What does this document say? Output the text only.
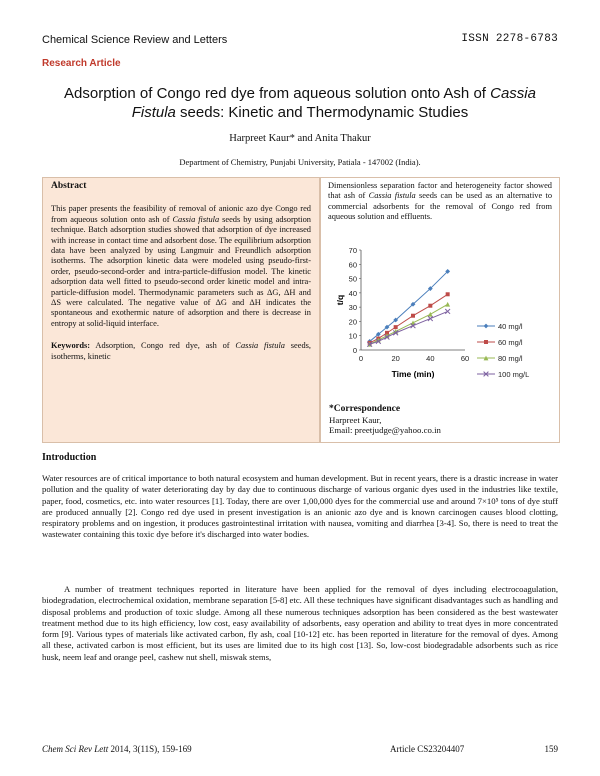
Chemical Science Review and Letters	ISSN 2278-6783
Research Article
Adsorption of Congo red dye from aqueous solution onto Ash of Cassia
Fistula seeds: Kinetic and Thermodynamic Studies
Harpreet Kaur* and Anita Thakur
Department of Chemistry, Punjabi University, Patiala - 147002 (India).
Abstract
This paper presents the feasibility of removal of anionic azo dye Congo red from aqueous solution onto ash of Cassia fistula seeds by using adsorption technique. Batch adsorption studies showed that adsorption of dye increased with increase in contact time and adsorbent dose. The equilibrium adsorption data have been analyzed by using Langmuir and Freundlich adsorption isotherms. The adsorption kinetic data were modeled using pseudo-first-order, pseudo-second-order and intra-particle-diffusion model. The kinetic adsorption data well fitted to pseudo-second order kinetic model and intra-particle-diffusion model. Thermodynamic parameters such as ΔG, ΔH and ΔS were calculated. The negative value of ΔG and ΔH indicates the spontaneous and exothermic nature of adsorption and there is decrease in entropy at solid-liquid interface.
Keywords: Adsorption, Congo red dye, ash of Cassia fistula seeds, isotherms, kinetic
Dimensionless separation factor and heterogeneity factor showed that ash of Cassia fistula seeds can be used as an alternative to commercial adsorbents for the removal of Congo red from aqueous solution and effluents.
0
10
20
30
40
50
60
70
0	20	40	60
t/q
Time (min)
40 mg/l
60 mg/l
80 mg/l
100 mg/L
*Correspondence
Harpreet Kaur,
Email: preetjudge@yahoo.co.in
Introduction
Water resources are of critical importance to both natural ecosystem and human development. But in recent years, there is a drastic increase in water pollution and the quality of water deteriorating day by day due to continuous discharge of various organic dyes used in the industries like textile, paper, food, cosmetics, etc. into water resources [1]. Today, there are over 1,00,000 dyes for the commercial use and around 7×10⁵ tons of dye stuff are produced annually [2]. Congo red dye used in present investigation is an anionic azo dye and is known carcinogen causes blood clotting, respiratory problems and on ingestion, it produces gastrointestinal irritation with nausea, vomiting and diarrhea [3-4]. So, there is need to treat the wastewater containing this toxic dye before it's discharged into water bodies.
A number of treatment techniques reported in literature have been applied for the removal of dyes including electrocoagulation, biodegradation, electrochemical oxidation, membrane separation [5-8] etc. All these techniques have significant disadvantages such as handling and disposal problems and production of toxic sludge. Among all these numerous techniques adsorption has been considered as the best wastewater treatment method due to its high efficiency, low cost, easy availability of adsorbents, easy operation and ability to treat dyes in more concentrated form [9]. Various types of materials like activated carbon, fly ash, coal [10-12] etc. has been reported in literature for the removal of dyes. Among all these, activated carbon is most efficient, but its uses are limited due to its high cost [13]. So, low-cost biodegradable adsorbents such as rice husk, neem leaf and orange peel, cashew nut shell, miswak stems,
Chem Sci Rev Lett 2014, 3(11S), 159-169	Article CS23204407	159
